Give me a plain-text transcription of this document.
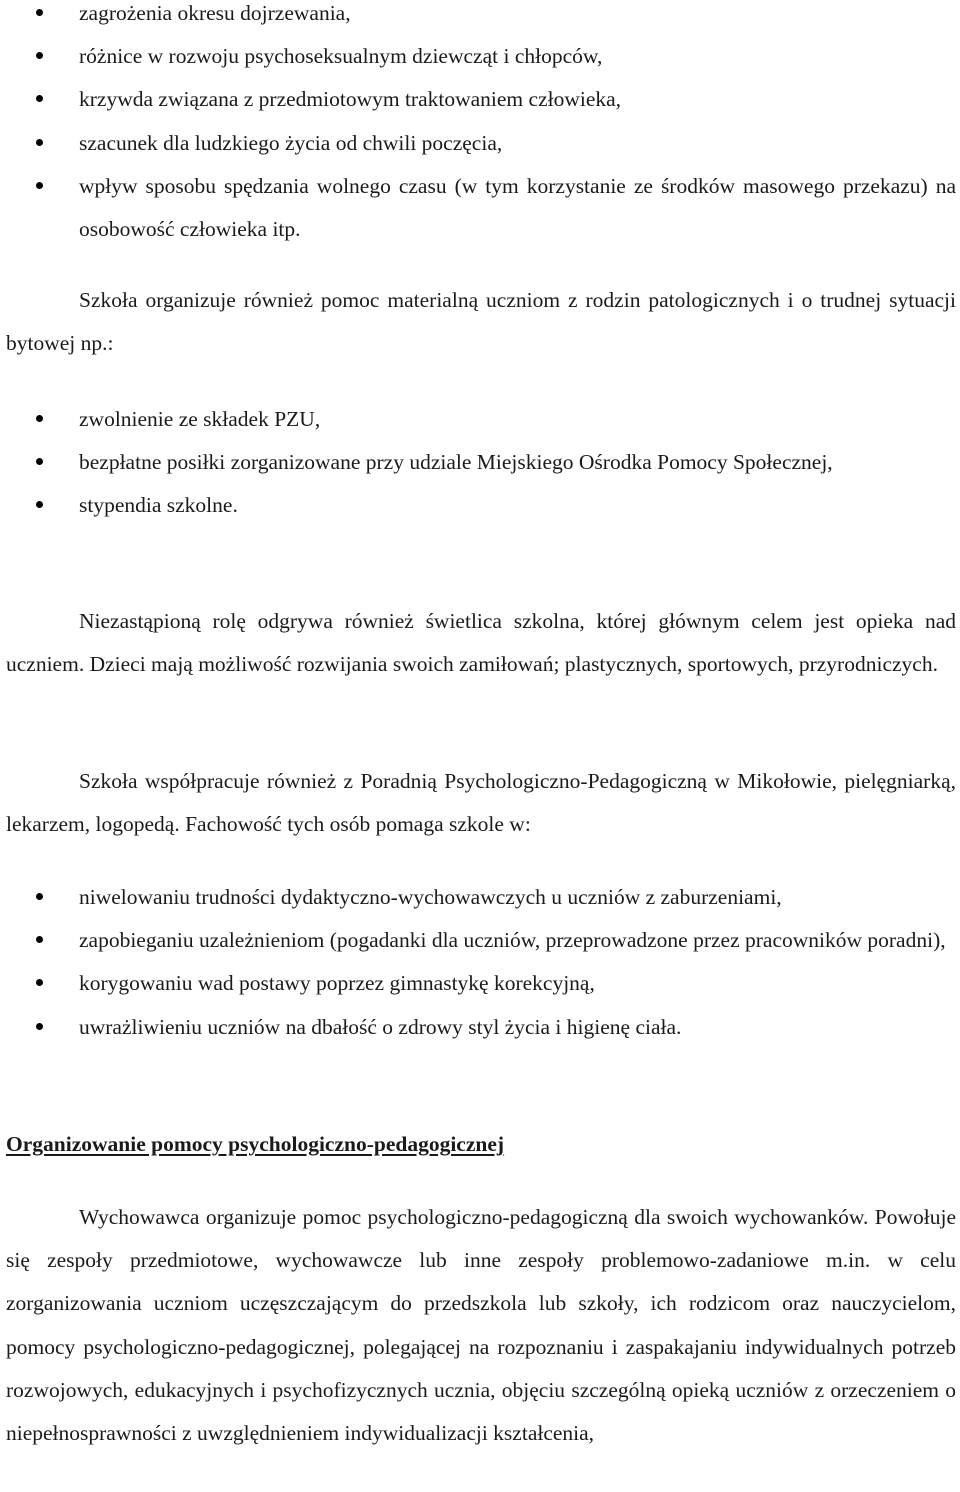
zagrożenia okresu dojrzewania,
różnice w rozwoju psychoseksualnym dziewcząt i chłopców,
krzywda związana z przedmiotowym traktowaniem człowieka,
szacunek dla ludzkiego życia od chwili poczęcia,
wpływ sposobu spędzania wolnego czasu (w tym korzystanie ze środków masowego przekazu) na osobowość człowieka itp.

Szkoła organizuje również pomoc materialną uczniom z rodzin patologicznych i o trudnej sytuacji bytowej np.:

zwolnienie ze składek PZU,
bezpłatne posiłki zorganizowane przy udziale Miejskiego Ośrodka Pomocy Społecznej,
stypendia szkolne.

Niezastąpioną rolę odgrywa również świetlica szkolna, której głównym celem jest opieka nad uczniem. Dzieci mają możliwość rozwijania swoich zamiłowań; plastycznych, sportowych, przyrodniczych.

Szkoła współpracuje również z Poradnią Psychologiczno-Pedagogiczną w Mikołowie, pielęgniarką, lekarzem, logopedą. Fachowość tych osób pomaga szkole w:

niwelowaniu trudności dydaktyczno-wychowawczych u uczniów z zaburzeniami,
zapobieganiu uzależnieniom (pogadanki dla uczniów, przeprowadzone przez pracowników poradni),
korygowaniu wad postawy poprzez gimnastykę korekcyjną,
uwrażliwieniu uczniów na dbałość o zdrowy styl życia i higienę ciała.
Organizowanie pomocy psychologiczno-pedagogicznej

Wychowawca organizuje pomoc psychologiczno-pedagogiczną dla swoich wychowanków. Powołuje się zespoły przedmiotowe, wychowawcze lub inne zespoły problemowo-zadaniowe m.in. w celu zorganizowania uczniom uczęszczającym do przedszkola lub szkoły, ich rodzicom oraz nauczycielom, pomocy psychologiczno-pedagogicznej, polegającej na rozpoznaniu i zaspakajaniu indywidualnych potrzeb rozwojowych, edukacyjnych i psychofizycznych ucznia, objęciu szczególną opieką uczniów z orzeczeniem o niepełnosprawności z uwzględnieniem indywidualizacji kształcenia,
